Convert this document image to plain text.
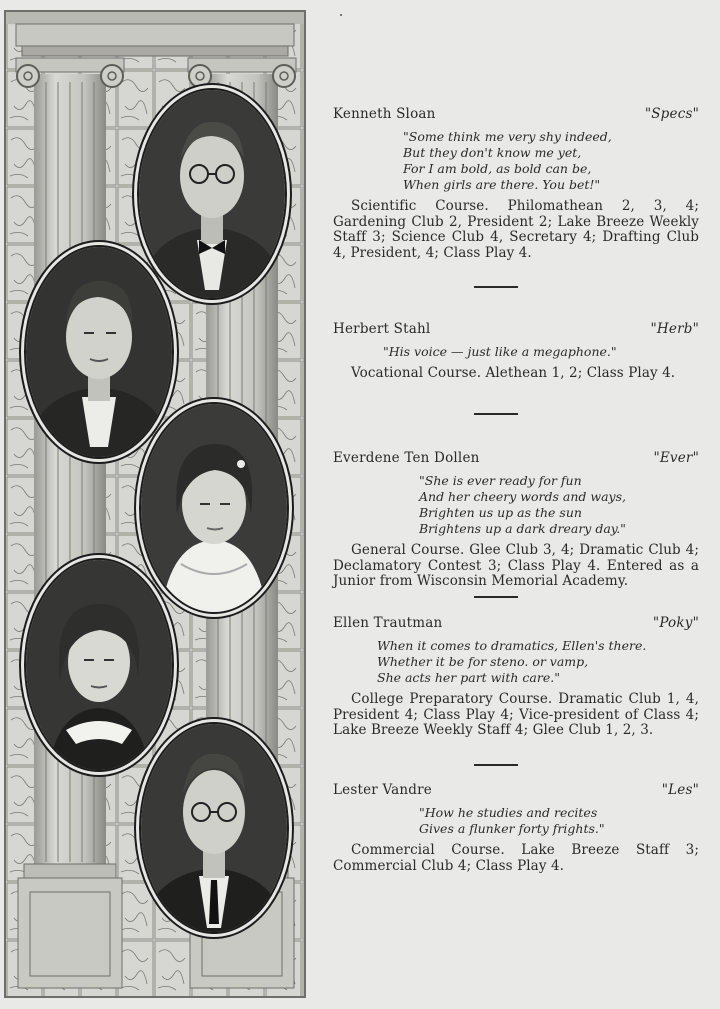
Kenneth Sloan	"Specs"
"Some think me very shy indeed,
But they don't know me yet,
For I am bold, as bold can be,
When girls are there. You bet!"
Scientific Course. Philomathean 2, 3, 4; Gardening Club 2, President 2; Lake Breeze Weekly Staff 3; Science Club 4, Secretary 4; Drafting Club 4, President, 4; Class Play 4.
Herbert Stahl	"Herb"
"His voice — just like a megaphone."
Vocational Course. Alethean 1, 2; Class Play 4.
Everdene Ten Dollen	"Ever"
"She is ever ready for fun
And her cheery words and ways,
Brighten us up as the sun
Brightens up a dark dreary day."
General Course. Glee Club 3, 4; Dramatic Club 4; Declamatory Contest 3; Class Play 4. Entered as a Junior from Wisconsin Memorial Academy.
Ellen Trautman	"Poky"
When it comes to dramatics, Ellen's there.
Whether it be for steno. or vamp,
She acts her part with care."
College Preparatory Course. Dramatic Club 1, 4, President 4; Class Play 4; Vice-president of Class 4; Lake Breeze Weekly Staff 4; Glee Club 1, 2, 3.
Lester Vandre	"Les"
"How he studies and recites
Gives a flunker forty frights."
Commercial Course. Lake Breeze Staff 3; Commercial Club 4; Class Play 4.
